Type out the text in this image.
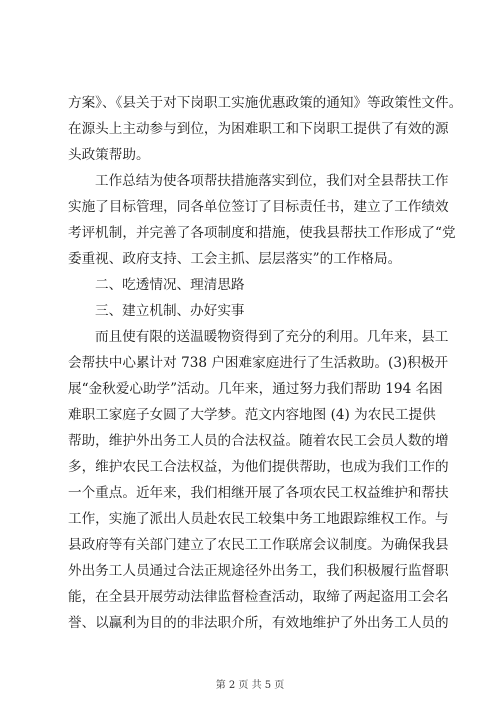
方案》、《县关于对下岗职工实施优惠政策的通知》等政策性文件。
在源头上主动参与到位，为困难职工和下岗职工提供了有效的源
头政策帮助。
工作总结为使各项帮扶措施落实到位，我们对全县帮扶工作
实施了目标管理，同各单位签订了目标责任书，建立了工作绩效
考评机制，并完善了各项制度和措施，使我县帮扶工作形成了“党
委重视、政府支持、工会主抓、层层落实”的工作格局。
二、吃透情况、理清思路
三、建立机制、办好实事
而且使有限的送温暖物资得到了充分的利用。几年来，县工
会帮扶中心累计对 738 户困难家庭进行了生活救助。(3)积极开
展“金秋爱心助学”活动。几年来，通过努力我们帮助 194 名困
难职工家庭子女圆了大学梦。范文内容地图 (4) 为农民工提供
帮助，维护外出务工人员的合法权益。随着农民工会员人数的增
多，维护农民工合法权益，为他们提供帮助，也成为我们工作的
一个重点。近年来，我们相继开展了各项农民工权益维护和帮扶
工作，实施了派出人员赴农民工较集中务工地跟踪维权工作。与
县政府等有关部门建立了农民工工作联席会议制度。为确保我县
外出务工人员通过合法正规途径外出务工，我们积极履行监督职
能，在全县开展劳动法律监督检查活动，取缔了两起盗用工会名
誉、以赢利为目的的非法职介所，有效地维护了外出务工人员的
第 2 页 共 5 页
